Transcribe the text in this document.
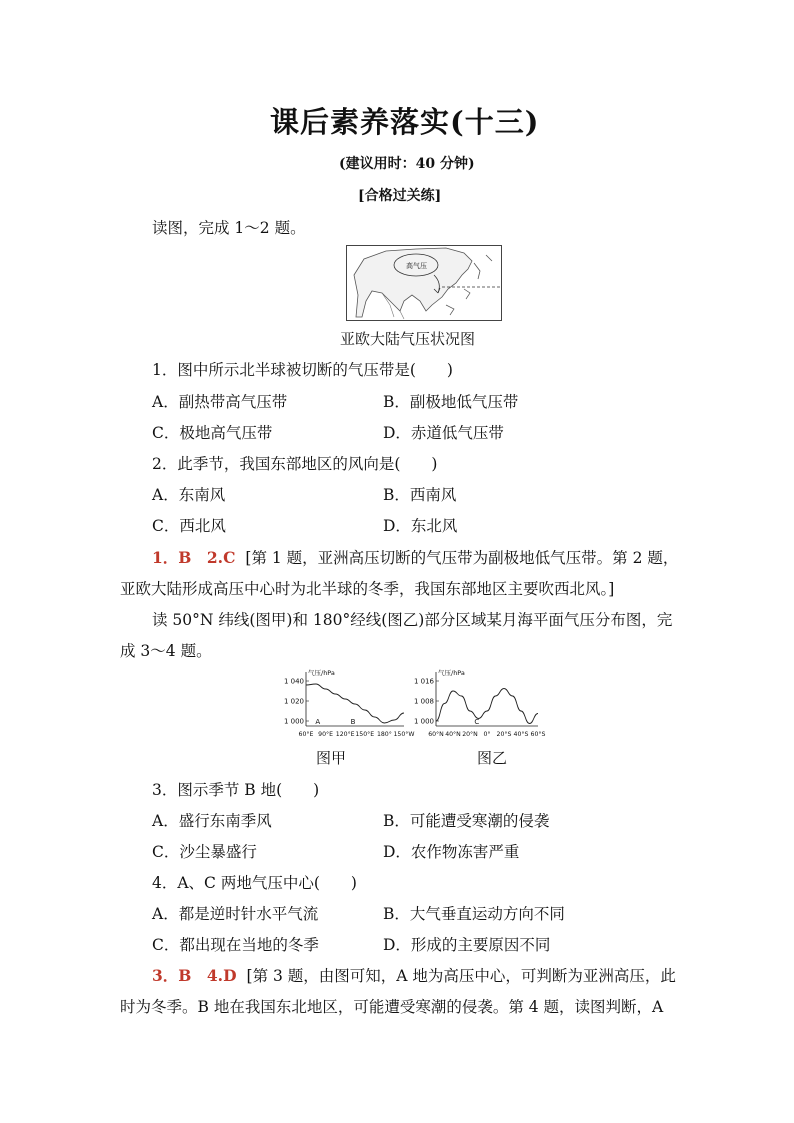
课后素养落实(十三)
(建议用时：40 分钟)
[合格过关练]
读图，完成 1～2 题。
高气压
亚欧大陆气压状况图
1．图中所示北半球被切断的气压带是(　　)
A．副热带高气压带	B．副极地低气压带
C．极地高气压带	D．赤道低气压带
2．此季节，我国东部地区的风向是(　　)
A．东南风	B．西南风
C．西北风	D．东北风
1．B　2.C [第 1 题，亚洲高压切断的气压带为副极地低气压带。第 2 题，
亚欧大陆形成高压中心时为北半球的冬季，我国东部地区主要吹西北风。]
读 50°N 纬线(图甲)和 180°经线(图乙)部分区域某月海平面气压分布图，完
成 3～4 题。
气压/hPa
1 040
1 020
1 000
60°E 90°E 120°E 150°E 180° 150°W
A	B
气压/hPa
1 016
1 008
1 000
60°N 40°N 20°N 0° 20°S 40°S 60°S
C
图甲	图乙
3．图示季节 B 地(　　)
A．盛行东南季风	B．可能遭受寒潮的侵袭
C．沙尘暴盛行	D．农作物冻害严重
4．A、C 两地气压中心(　　)
A．都是逆时针水平气流	B．大气垂直运动方向不同
C．都出现在当地的冬季	D．形成的主要原因不同
3．B　4.D [第 3 题，由图可知，A 地为高压中心，可判断为亚洲高压，此
时为冬季。B 地在我国东北地区，可能遭受寒潮的侵袭。第 4 题，读图判断，A
